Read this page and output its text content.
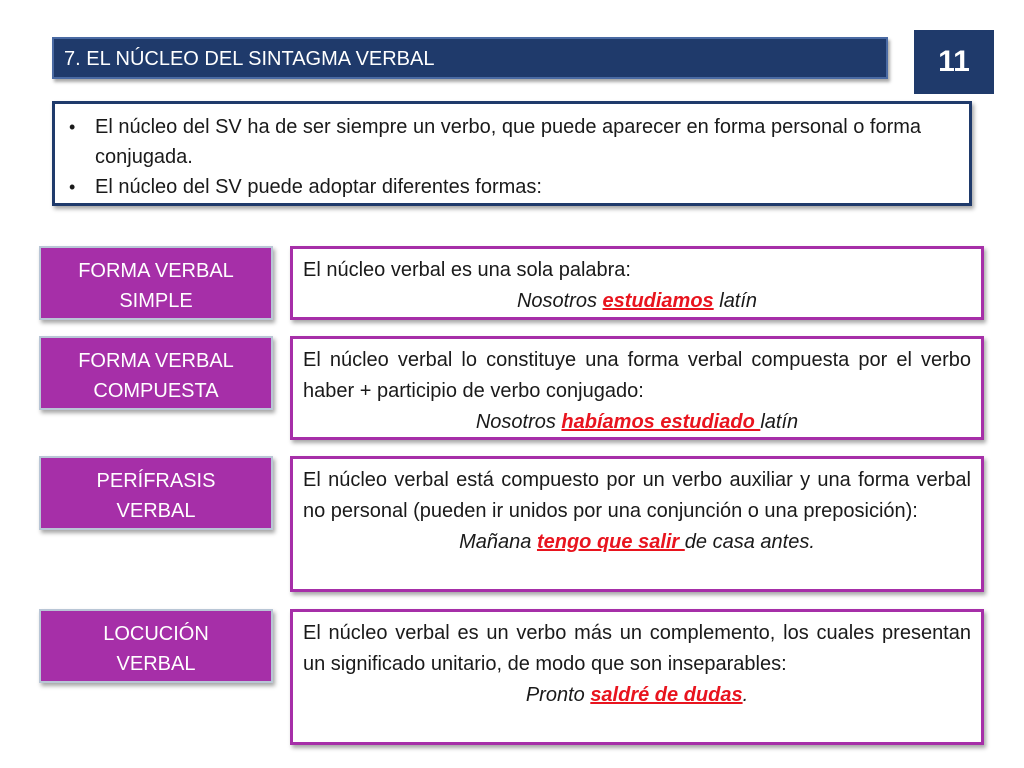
7. EL NÚCLEO DEL SINTAGMA VERBAL	11
• El núcleo del SV ha de ser siempre un verbo, que puede aparecer en forma personal o forma conjugada.
• El núcleo del SV puede adoptar diferentes formas:
FORMA VERBAL
SIMPLE
El núcleo verbal es una sola palabra:
Nosotros estudiamos latín
FORMA VERBAL
COMPUESTA
El núcleo verbal lo constituye una forma verbal compuesta por el verbo haber + participio de verbo conjugado:
Nosotros habíamos estudiado latín
PERÍFRASIS
VERBAL
El núcleo verbal está compuesto por un verbo auxiliar y una forma verbal no personal (pueden ir unidos por una conjunción o una preposición):
Mañana tengo que salir de casa antes.
LOCUCIÓN
VERBAL
El núcleo verbal es un verbo más un complemento, los cuales presentan un significado unitario, de modo que son inseparables:
Pronto saldré de dudas.
